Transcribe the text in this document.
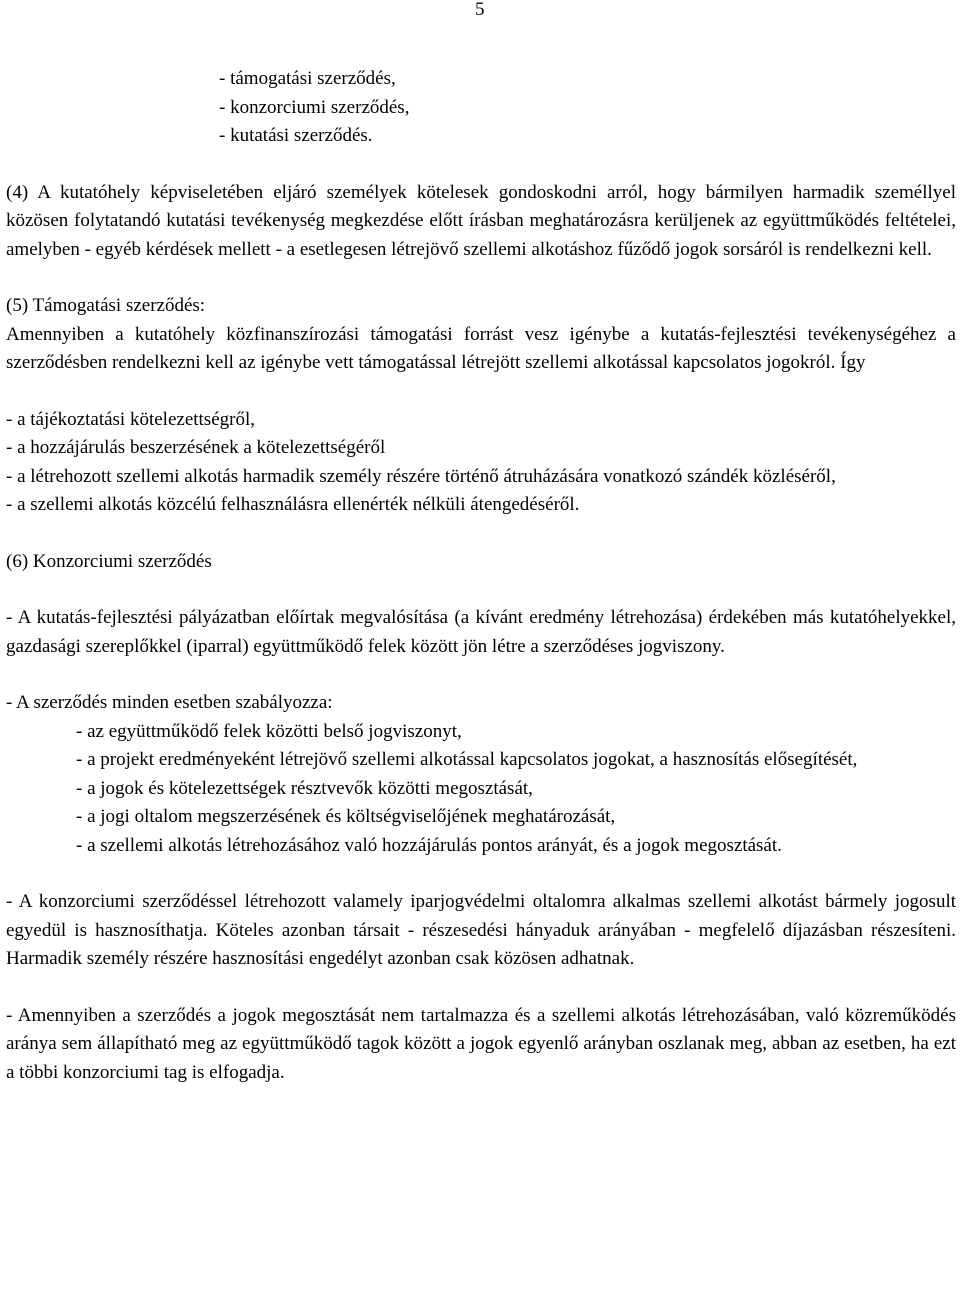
5
- támogatási szerződés,
- konzorciumi szerződés,
- kutatási szerződés.

(4) A kutatóhely képviseletében eljáró személyek kötelesek gondoskodni arról, hogy bármilyen harmadik személlyel közösen folytatandó kutatási tevékenység megkezdése előtt írásban meghatározásra kerüljenek az együttműködés feltételei, amelyben - egyéb kérdések mellett - a esetlegesen létrejövő szellemi alkotáshoz fűződő jogok sorsáról is rendelkezni kell.

(5) Támogatási szerződés:
Amennyiben a kutatóhely közfinanszírozási támogatási forrást vesz igénybe a kutatás-fejlesztési tevékenységéhez a szerződésben rendelkezni kell az igénybe vett támogatással létrejött szellemi alkotással kapcsolatos jogokról. Így
- a tájékoztatási kötelezettségről,
- a hozzájárulás beszerzésének a kötelezettségéről
- a létrehozott szellemi alkotás harmadik személy részére történő átruházására vonatkozó szándék közléséről,
- a szellemi alkotás közcélú felhasználásra ellenérték nélküli átengedéséről.

(6) Konzorciumi szerződés

- A kutatás-fejlesztési pályázatban előírtak megvalósítása (a kívánt eredmény létrehozása) érdekében más kutatóhelyekkel, gazdasági szereplőkkel (iparral) együttműködő felek között jön létre a szerződéses jogviszony.

- A szerződés minden esetben szabályozza:
- az együttműködő felek közötti belső jogviszonyt,
- a projekt eredményeként létrejövő szellemi alkotással kapcsolatos jogokat, a hasznosítás elősegítését,
- a jogok és kötelezettségek résztvevők közötti megosztását,
- a jogi oltalom megszerzésének és költségviselőjének meghatározását,
- a szellemi alkotás létrehozásához való hozzájárulás pontos arányát, és a jogok megosztását.

- A konzorciumi szerződéssel létrehozott valamely iparjogvédelmi oltalomra alkalmas szellemi alkotást bármely jogosult egyedül is hasznosíthatja. Köteles azonban társait - részesedési hányaduk arányában - megfelelő díjazásban részesíteni. Harmadik személy részére hasznosítási engedélyt azonban csak közösen adhatnak.

- Amennyiben a szerződés a jogok megosztását nem tartalmazza és a szellemi alkotás létrehozásában, való közreműködés aránya sem állapítható meg az együttműködő tagok között a jogok egyenlő arányban oszlanak meg, abban az esetben, ha ezt a többi konzorciumi tag is elfogadja.
